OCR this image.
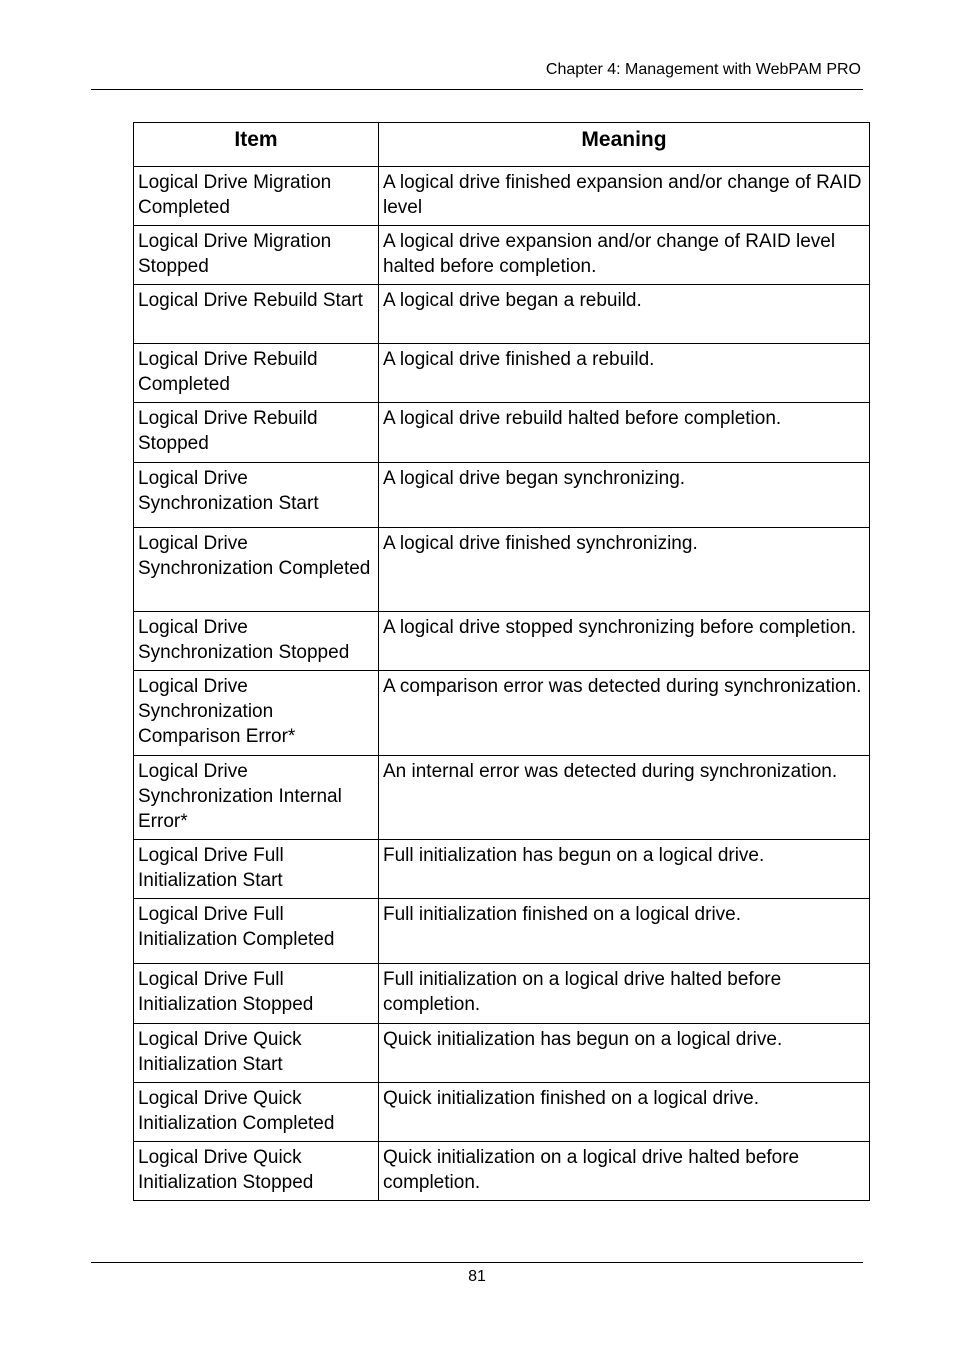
Chapter 4: Management with WebPAM PRO
Item	Meaning
Logical Drive Migration Completed	A logical drive finished expansion and/or change of RAID level
Logical Drive Migration Stopped	A logical drive expansion and/or change of RAID level halted before completion.
Logical Drive Rebuild Start	A logical drive began a rebuild.
Logical Drive Rebuild Completed	A logical drive finished a rebuild.
Logical Drive Rebuild Stopped	A logical drive rebuild halted before completion.
Logical Drive Synchronization Start	A logical drive began synchronizing.
Logical Drive Synchronization Completed	A logical drive finished synchronizing.
Logical Drive Synchronization Stopped	A logical drive stopped synchronizing before completion.
Logical Drive Synchronization Comparison Error*	A comparison error was detected during synchronization.
Logical Drive Synchronization Internal Error*	An internal error was detected during synchronization.
Logical Drive Full Initialization Start	Full initialization has begun on a logical drive.
Logical Drive Full Initialization Completed	Full initialization finished on a logical drive.
Logical Drive Full Initialization Stopped	Full initialization on a logical drive halted before completion.
Logical Drive Quick Initialization Start	Quick initialization has begun on a logical drive.
Logical Drive Quick Initialization Completed	Quick initialization finished on a logical drive.
Logical Drive Quick Initialization Stopped	Quick initialization on a logical drive halted before completion.
81
